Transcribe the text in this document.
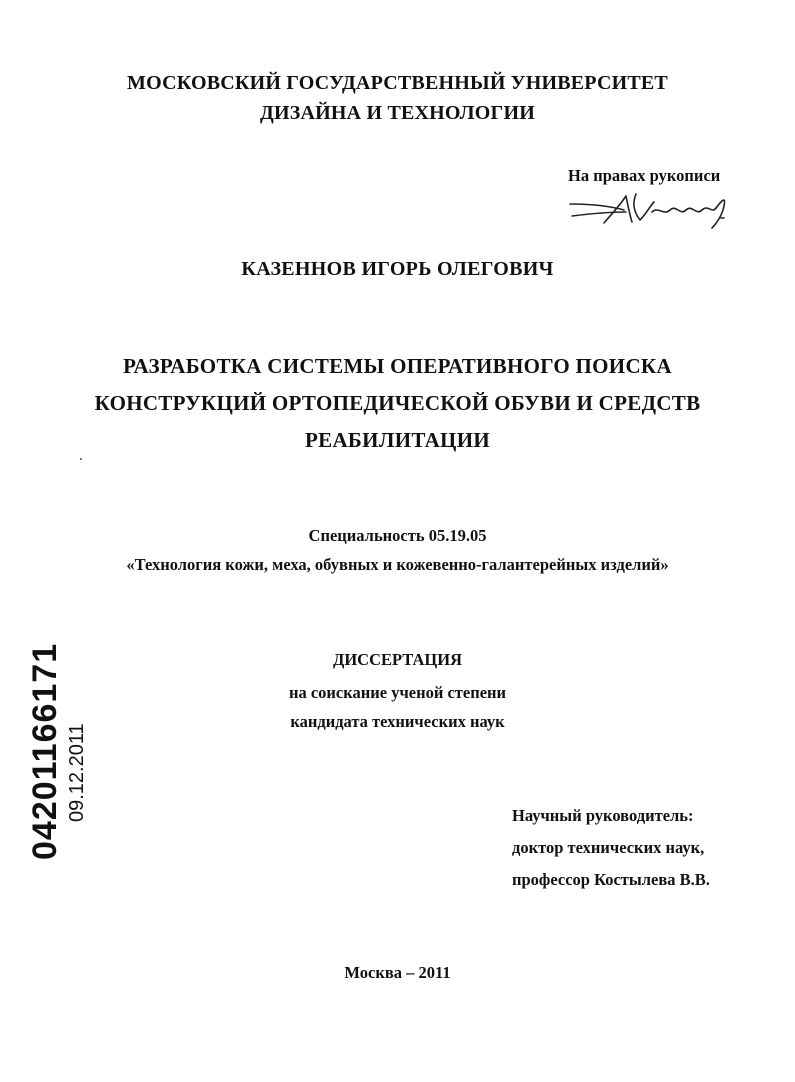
МОСКОВСКИЙ ГОСУДАРСТВЕННЫЙ УНИВЕРСИТЕТ
ДИЗАЙНА И ТЕХНОЛОГИИ
На правах рукописи
КАЗЕННОВ ИГОРЬ ОЛЕГОВИЧ
РАЗРАБОТКА СИСТЕМЫ ОПЕРАТИВНОГО ПОИСКА
КОНСТРУКЦИЙ ОРТОПЕДИЧЕСКОЙ ОБУВИ И СРЕДСТВ
РЕАБИЛИТАЦИИ
Специальность 05.19.05
«Технология кожи, меха, обувных и кожевенно-галантерейных изделий»
ДИССЕРТАЦИЯ
на соискание ученой степени
кандидата технических наук
Научный руководитель:
доктор технических наук,
профессор Костылева В.В.
Москва – 2011
04201166171 09.12.2011
